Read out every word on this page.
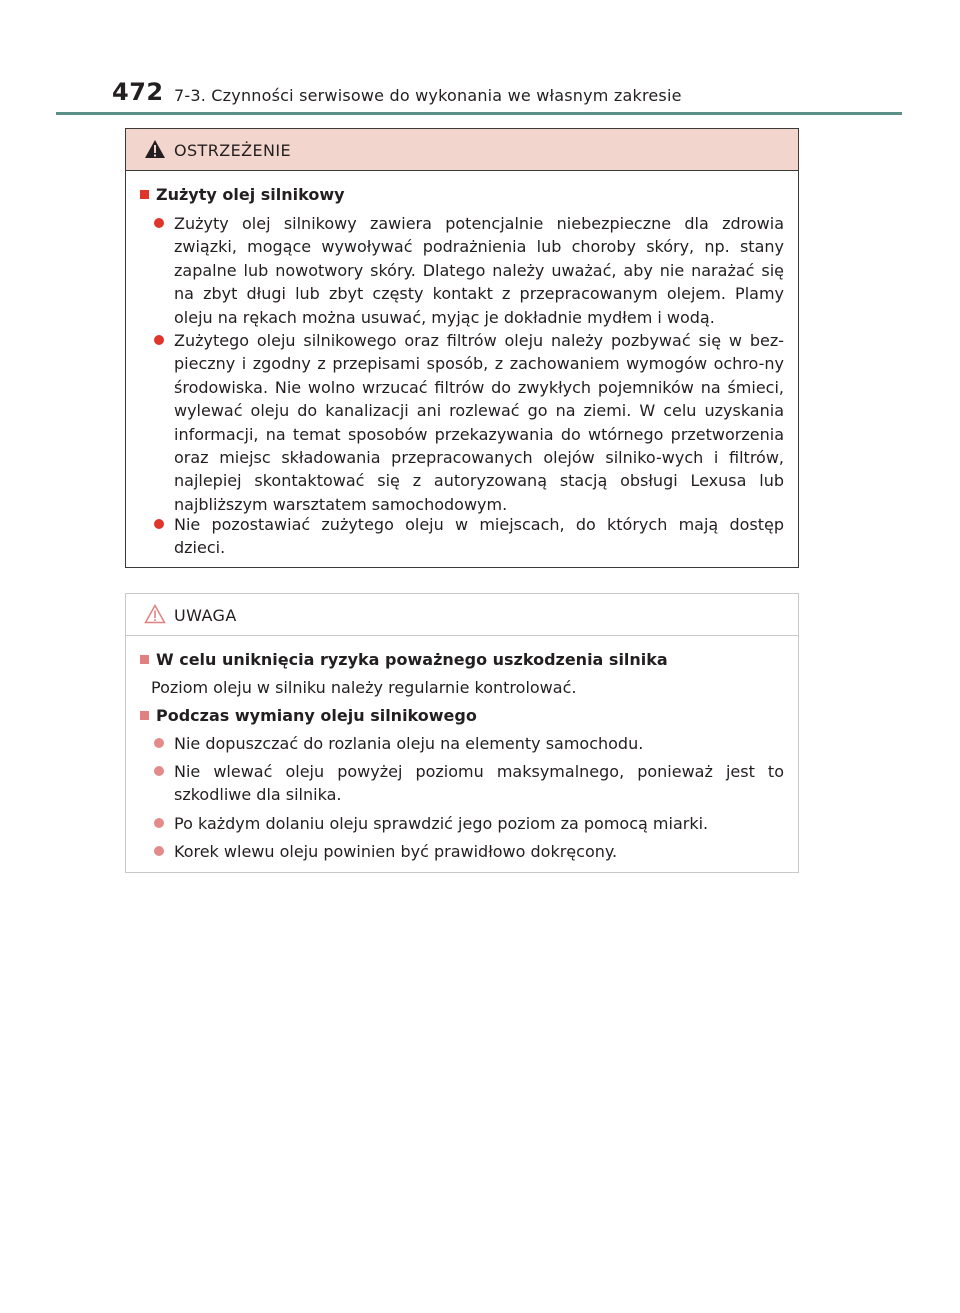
472 7-3. Czynności serwisowe do wykonania we własnym zakresie
OSTRZEŻENIE
Zużyty olej silnikowy
Zużyty olej silnikowy zawiera potencjalnie niebezpieczne dla zdrowia związki, mogące wywoływać podrażnienia lub choroby skóry, np. stany zapalne lub nowotwory skóry. Dlatego należy uważać, aby nie narażać się na zbyt długi lub zbyt częsty kontakt z przepracowanym olejem. Plamy oleju na rękach można usuwać, myjąc je dokładnie mydłem i wodą.
Zużytego oleju silnikowego oraz filtrów oleju należy pozbywać się w bez-pieczny i zgodny z przepisami sposób, z zachowaniem wymogów ochro-ny środowiska. Nie wolno wrzucać filtrów do zwykłych pojemników na śmieci, wylewać oleju do kanalizacji ani rozlewać go na ziemi. W celu uzyskania informacji, na temat sposobów przekazywania do wtórnego przetworzenia oraz miejsc składowania przepracowanych olejów silniko-wych i filtrów, najlepiej skontaktować się z autoryzowaną stacją obsługi Lexusa lub najbliższym warsztatem samochodowym.
Nie pozostawiać zużytego oleju w miejscach, do których mają dostęp dzieci.
UWAGA
W celu uniknięcia ryzyka poważnego uszkodzenia silnika
Poziom oleju w silniku należy regularnie kontrolować.
Podczas wymiany oleju silnikowego
Nie dopuszczać do rozlania oleju na elementy samochodu.
Nie wlewać oleju powyżej poziomu maksymalnego, ponieważ jest to szkodliwe dla silnika.
Po każdym dolaniu oleju sprawdzić jego poziom za pomocą miarki.
Korek wlewu oleju powinien być prawidłowo dokręcony.
